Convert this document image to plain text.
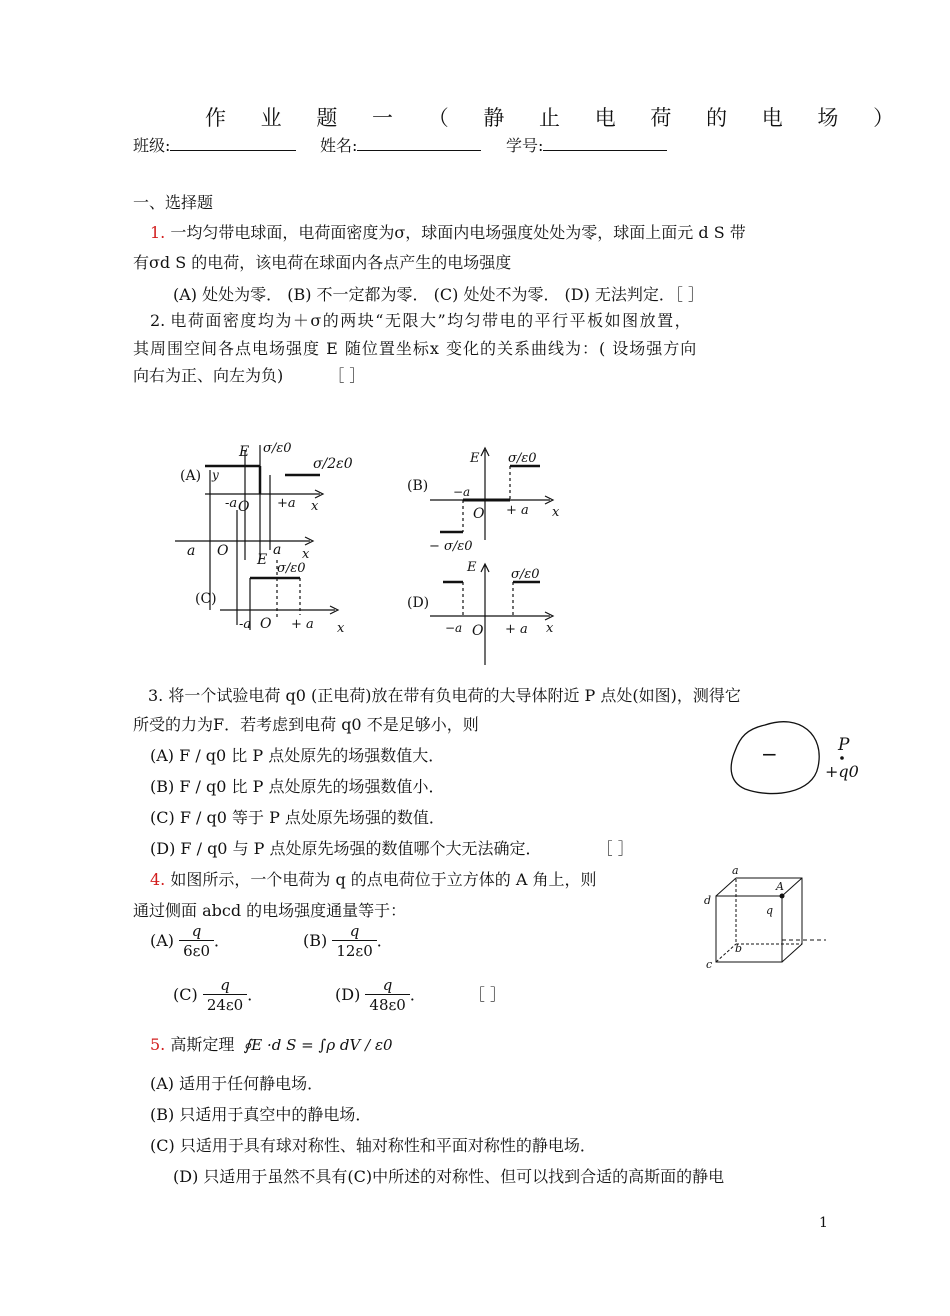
作 业 题 一 （ 静 止 电 荷 的 电 场 ）
班级:	姓名:	学号:
一、选择题
1. 一均匀带电球面，电荷面密度为σ，球面内电场强度处处为零，球面上面元 d S 带
有σd S 的电荷，该电荷在球面内各点产生的电场强度
(A) 处处为零． (B) 不一定都为零． (C) 处处不为零． (D) 无法判定．［ ］
2. 电荷面密度均为＋σ的两块“无限大”均匀带电的平行平板如图放置，
其周围空间各点电场强度 E 随位置坐标x 变化的关系曲线为：( 设场强方向
向右为正、向左为负)	［ ］
(A) y
E σ/ε0
σ/2ε0
-a O +a x
a O	a x
E
σ/ε0
(C)
-a O + a x
(B)
E σ/ε0
−a
O + a x
− σ/ε0
(D)
E	σ/ε0
−a O + a x
3. 将一个试验电荷 q0 (正电荷)放在带有负电荷的大导体附近 P 点处(如图)，测得它
所受的力为F．若考虑到电荷 q0 不是足够小，则
(A) F / q0 比 P 点处原先的场强数值大．
(B) F / q0 比 P 点处原先的场强数值小．
(C) F / q0 等于 P 点处原先场强的数值．
(D) F / q0 与 P 点处原先场强的数值哪个大无法确定．	［ ］
−	P
+q0
4. 如图所示，一个电荷为 q 的点电荷位于立方体的 A 角上，则
通过侧面 abcd 的电场强度通量等于：
$(A) \frac{q}{6\varepsilon 0}$ ．	$(B) \frac{q}{12\varepsilon 0}$ ．
$(C) \frac{q}{24\varepsilon 0}$ ．	$(D) \frac{q}{48\varepsilon 0}$ ． ［ ］
a
d
c
b
A
q
5. 高斯定理 ∮E ·d S = ∫ρ dV / ε0
(A) 适用于任何静电场．
(B) 只适用于真空中的静电场．
(C) 只适用于具有球对称性、轴对称性和平面对称性的静电场．
(D) 只适用于虽然不具有(C)中所述的对称性、但可以找到合适的高斯面的静电
1
